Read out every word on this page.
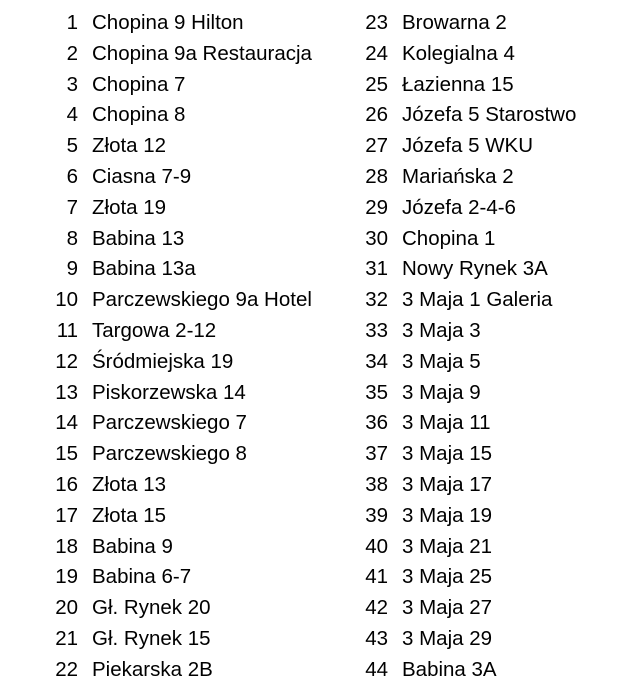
1 Chopina 9 Hilton
2 Chopina 9a Restauracja
3 Chopina 7
4 Chopina 8
5 Złota 12
6 Ciasna 7-9
7 Złota 19
8 Babina 13
9 Babina 13a
10 Parczewskiego 9a Hotel
11 Targowa 2-12
12 Śródmiejska 19
13 Piskorzewska 14
14 Parczewskiego 7
15 Parczewskiego 8
16 Złota 13
17 Złota 15
18 Babina 9
19 Babina 6-7
20 Gł. Rynek 20
21 Gł. Rynek 15
22 Piekarska 2B
23 Browarna 2
24 Kolegialna 4
25 Łazienna 15
26 Józefa 5 Starostwo
27 Józefa 5 WKU
28 Mariańska 2
29 Józefa 2-4-6
30 Chopina 1
31 Nowy Rynek 3A
32 3 Maja 1 Galeria
33 3 Maja 3
34 3 Maja 5
35 3 Maja 9
36 3 Maja 11
37 3 Maja 15
38 3 Maja 17
39 3 Maja 19
40 3 Maja 21
41 3 Maja 25
42 3 Maja 27
43 3 Maja 29
44 Babina 3A
